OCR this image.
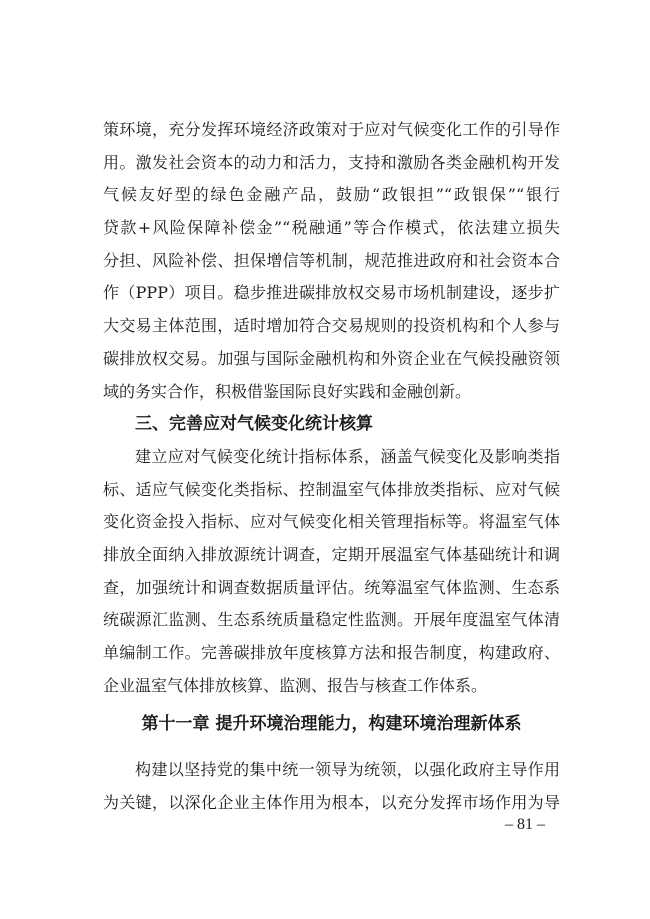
策环境，充分发挥环境经济政策对于应对气候变化工作的引导作
用。激发社会资本的动力和活力，支持和激励各类金融机构开发
气候友好型的绿色金融产品，鼓励“政银担”“政银保”“银行
贷款+风险保障补偿金”“税融通”等合作模式，依法建立损失
分担、风险补偿、担保增信等机制，规范推进政府和社会资本合
作（PPP）项目。稳步推进碳排放权交易市场机制建设，逐步扩
大交易主体范围，适时增加符合交易规则的投资机构和个人参与
碳排放权交易。加强与国际金融机构和外资企业在气候投融资领
域的务实合作，积极借鉴国际良好实践和金融创新。
三、完善应对气候变化统计核算
建立应对气候变化统计指标体系，涵盖气候变化及影响类指
标、适应气候变化类指标、控制温室气体排放类指标、应对气候
变化资金投入指标、应对气候变化相关管理指标等。将温室气体
排放全面纳入排放源统计调查，定期开展温室气体基础统计和调
查，加强统计和调查数据质量评估。统筹温室气体监测、生态系
统碳源汇监测、生态系统质量稳定性监测。开展年度温室气体清
单编制工作。完善碳排放年度核算方法和报告制度，构建政府、
企业温室气体排放核算、监测、报告与核查工作体系。
第十一章 提升环境治理能力，构建环境治理新体系
构建以坚持党的集中统一领导为统领，以强化政府主导作用
为关键，以深化企业主体作用为根本，以充分发挥市场作用为导
– 81 –
